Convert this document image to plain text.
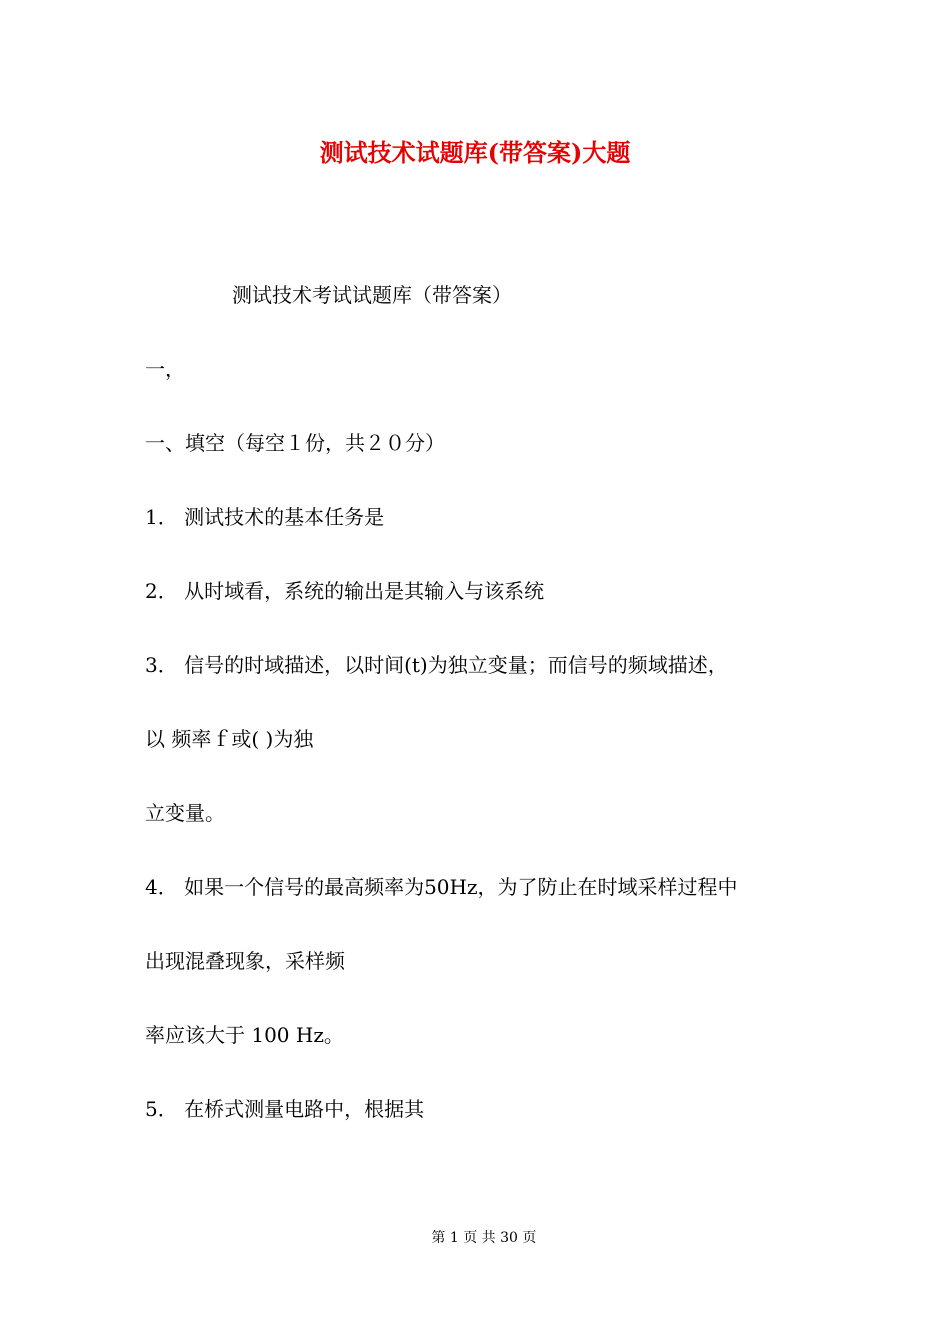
测试技术试题库(带答案)大题
测试技术考试试题库（带答案）
一，
一、填空（每空１份，共２０分）
1． 测试技术的基本任务是
2． 从时域看，系统的输出是其输入与该系统
3． 信号的时域描述，以时间(t)为独立变量；而信号的频域描述，
以 频率ｆ或( )为独
立变量。
4． 如果一个信号的最高频率为50Hz，为了防止在时域采样过程中
出现混叠现象，采样频
率应该大于 100 Hz。
5． 在桥式测量电路中，根据其

第 1 页 共 30 页
